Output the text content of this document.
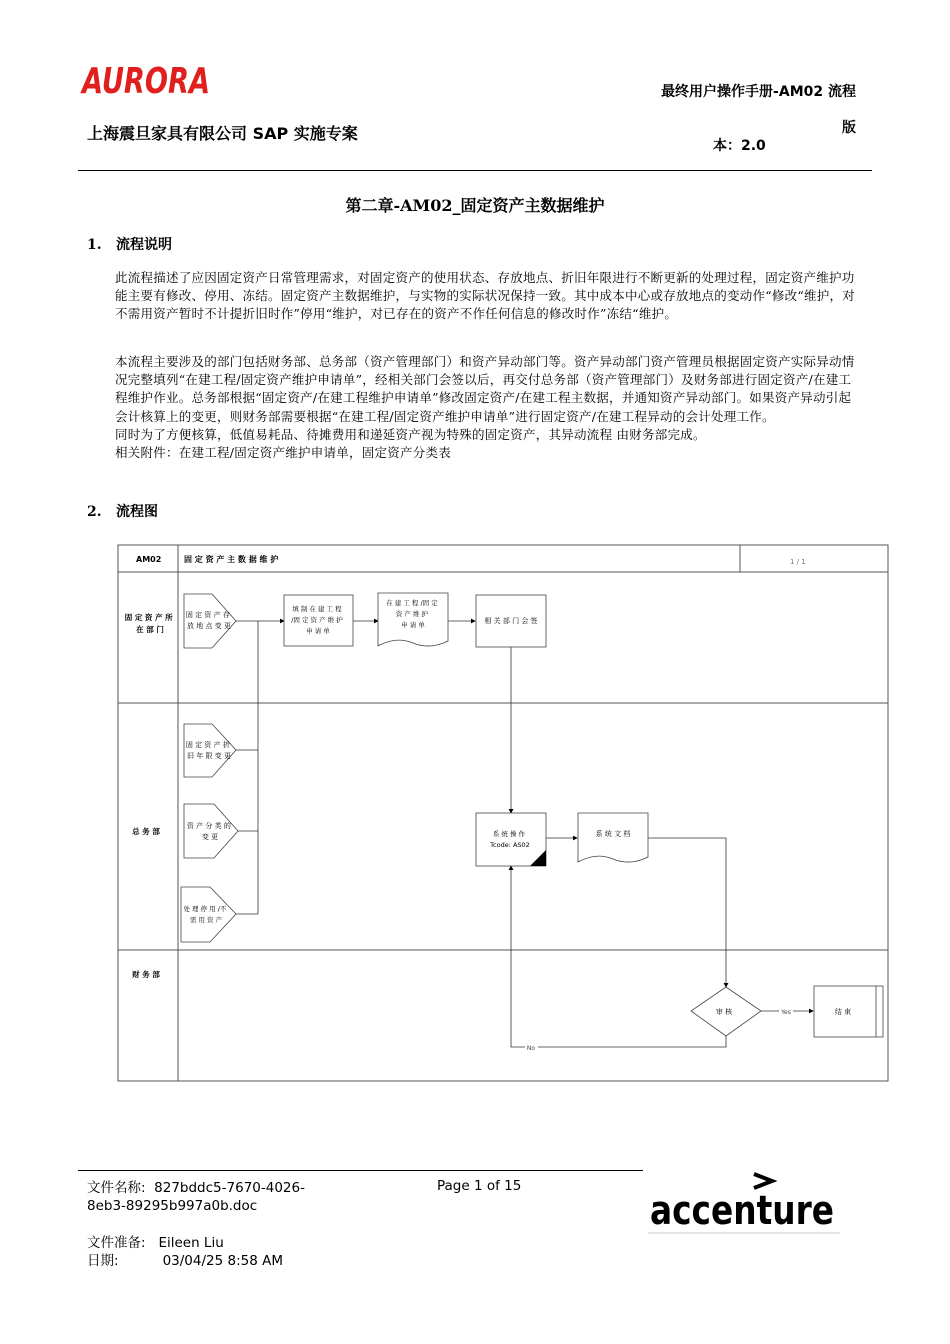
AURORA
上海震旦家具有限公司 SAP 实施专案
最终用户操作手册-AM02 流程
版
本：2.0
第二章-AM02_固定资产主数据维护
1. 流程说明

此流程描述了应因固定资产日常管理需求，对固定资产的使用状态、存放地点、折旧年限进行不断更新的处理过程，固定资产维护功能主要有修改、停用、冻结。固定资产主数据维护，与实物的实际状况保持一致。其中成本中心或存放地点的变动作“修改“维护，对不需用资产暂时不计提折旧时作”停用“维护，对已存在的资产不作任何信息的修改时作”冻结“维护。

本流程主要涉及的部门包括财务部、总务部（资产管理部门）和资产异动部门等。资产异动部门资产管理员根据固定资产实际异动情况完整填列“在建工程/固定资产维护申请单”，经相关部门会签以后，再交付总务部（资产管理部门）及财务部进行固定资产/在建工程维护作业。总务部根据“固定资产/在建工程维护申请单”修改固定资产/在建工程主数据，并通知资产异动部门。如果资产异动引起会计核算上的变更，则财务部需要根据“在建工程/固定资产维护申请单”进行固定资产/在建工程异动的会计处理工作。

同时为了方便核算，低值易耗品、待摊费用和递延资产视为特殊的固定资产，其异动流程 由财务部完成。

相关附件：在建工程/固定资产维护申请单，固定资产分类表

2. 流程图
AM02	固 定 资 产 主 数 据 维 护	1 / 1
固 定 资 产 所 在 部 门
总 务 部
财 务 部
固 定 资 产 存 放 地 点 变 更
固 定 资 产 折 旧 年 限 变 更
资 产 分 类 的 变 更
处 理 停 用 /不 需 用 资 产
填 制 在 建 工 程 /固 定 资 产 维 护 申 请 单
在 建 工 程 /固 定 资 产 维 护 申 请 单	相 关 部 门 会 签
系 统 操 作 Tcode: AS02
系 统 文 档
审 核	Yes
No
结 束
文件名称: 827bddc5-7670-4026-
8eb3-89295b997a0b.doc
Page 1 of 15
文件准备: Eileen Liu
日期:	03/04/25 8:58 AM
accenture
